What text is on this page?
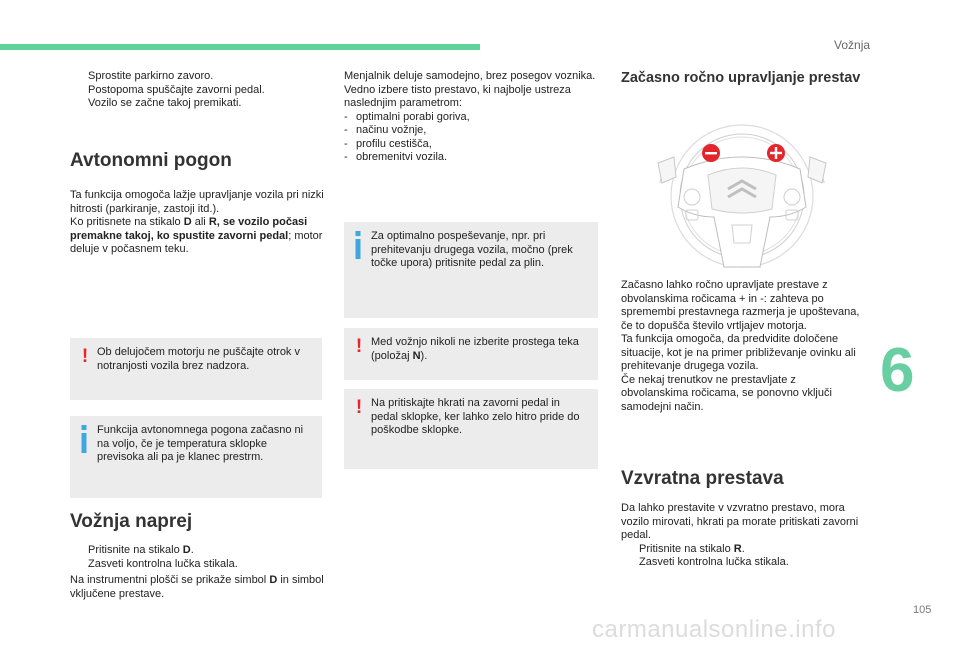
Vožnja
6
105
carmanualsonline.info
Sprostite parkirno zavoro.
Postopoma spuščajte zavorni pedal.
Vozilo se začne takoj premikati.
Avtonomni pogon
Ta funkcija omogoča lažje upravljanje vozila pri nizki hitrosti (parkiranje, zastoji itd.).
Ko pritisnete na stikalo D ali R, se vozilo počasi premakne takoj, ko spustite zavorni pedal; motor deluje v počasnem teku.
! Ob delujočem motorju ne puščajte otrok v notranjosti vozila brez nadzora.
Funkcija avtonomnega pogona začasno ni na voljo, če je temperatura sklopke previsoka ali pa je klanec prestrm.
Vožnja naprej
Pritisnite na stikalo D.
Zasveti kontrolna lučka stikala.
Na instrumentni plošči se prikaže simbol D in simbol vključene prestave.
Menjalnik deluje samodejno, brez posegov voznika. Vedno izbere tisto prestavo, ki najbolje ustreza naslednjim parametrom:
- optimalni porabi goriva,
- načinu vožnje,
- profilu cestišča,
- obremenitvi vozila.
Za optimalno pospeševanje, npr. pri prehitevanju drugega vozila, močno (prek točke upora) pritisnite pedal za plin.
! Med vožnjo nikoli ne izberite prostega teka (položaj N).
! Na pritiskajte hkrati na zavorni pedal in pedal sklopke, ker lahko zelo hitro pride do poškodbe sklopke.
Začasno ročno upravljanje prestav
Začasno lahko ročno upravljate prestave z obvolanskima ročicama + in -: zahteva po spremembi prestavnega razmerja je upoštevana, če to dopušča število vrtljajev motorja.
Ta funkcija omogoča, da predvidite določene situacije, kot je na primer približevanje ovinku ali prehitevanje drugega vozila.
Če nekaj trenutkov ne prestavljate z obvolanskima ročicama, se ponovno vključi samodejni način.
Vzvratna prestava
Da lahko prestavite v vzvratno prestavo, mora vozilo mirovati, hkrati pa morate pritiskati zavorni pedal.
Pritisnite na stikalo R.
Zasveti kontrolna lučka stikala.
